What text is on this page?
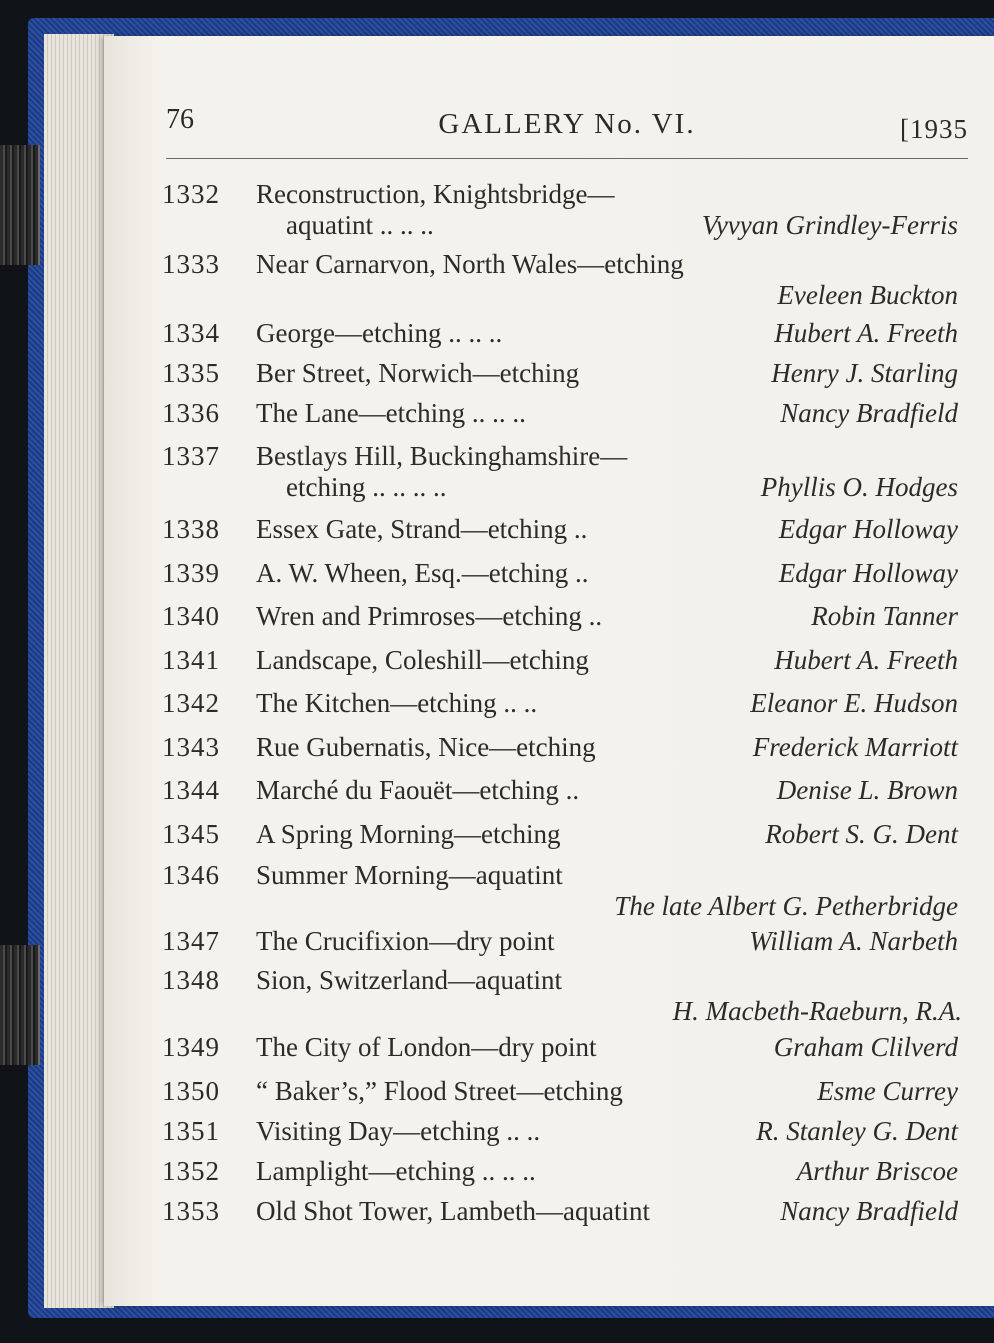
76	GALLERY No. VI.	[1935
1332 Reconstruction, Knightsbridge—
aquatint .. .. ..	Vyvyan Grindley-Ferris
1333 Near Carnarvon, North Wales—etching
Eveleen Buckton
1334 George—etching .. .. ..	Hubert A. Freeth
1335 Ber Street, Norwich—etching	Henry J. Starling
1336 The Lane—etching .. .. ..	Nancy Bradfield
1337 Bestlays Hill, Buckinghamshire—
etching .. .. .. ..	Phyllis O. Hodges
1338 Essex Gate, Strand—etching ..	Edgar Holloway
1339 A. W. Wheen, Esq.—etching ..	Edgar Holloway
1340 Wren and Primroses—etching ..	Robin Tanner
1341 Landscape, Coleshill—etching	Hubert A. Freeth
1342 The Kitchen—etching .. ..	Eleanor E. Hudson
1343 Rue Gubernatis, Nice—etching	Frederick Marriott
1344 Marché du Faouët—etching ..	Denise L. Brown
1345 A Spring Morning—etching	Robert S. G. Dent
1346 Summer Morning—aquatint
The late Albert G. Petherbridge
1347 The Crucifixion—dry point	William A. Narbeth
1348 Sion, Switzerland—aquatint
H. Macbeth-Raeburn, R.A.
1349 The City of London—dry point	Graham Clilverd
1350 “ Baker’s,” Flood Street—etching	Esme Currey
1351 Visiting Day—etching .. ..	R. Stanley G. Dent
1352 Lamplight—etching .. .. ..	Arthur Briscoe
1353 Old Shot Tower, Lambeth—aquatint	Nancy Bradfield
